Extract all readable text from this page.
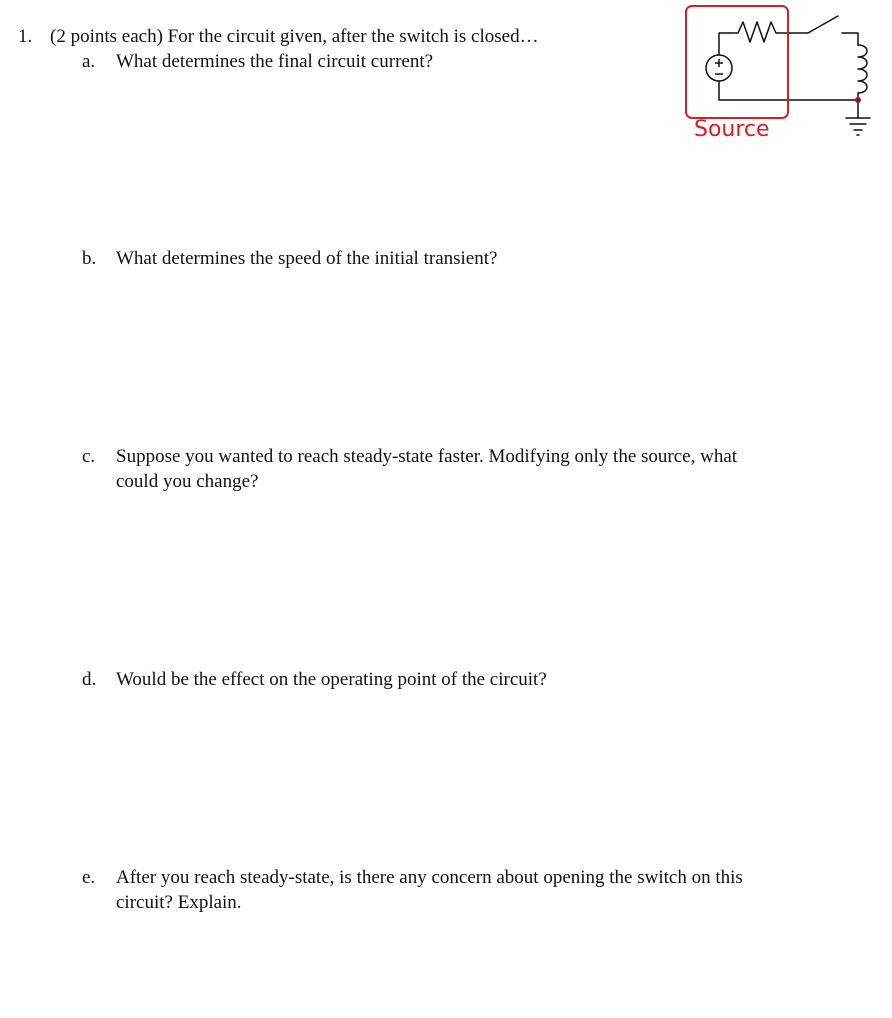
1. (2 points each) For the circuit given, after the switch is closed…
a. What determines the final circuit current?
b. What determines the speed of the initial transient?
c. Suppose you wanted to reach steady-state faster. Modifying only the source, what
could you change?
d. Would be the effect on the operating point of the circuit?
e. After you reach steady-state, is there any concern about opening the switch on this
circuit? Explain.
Source
